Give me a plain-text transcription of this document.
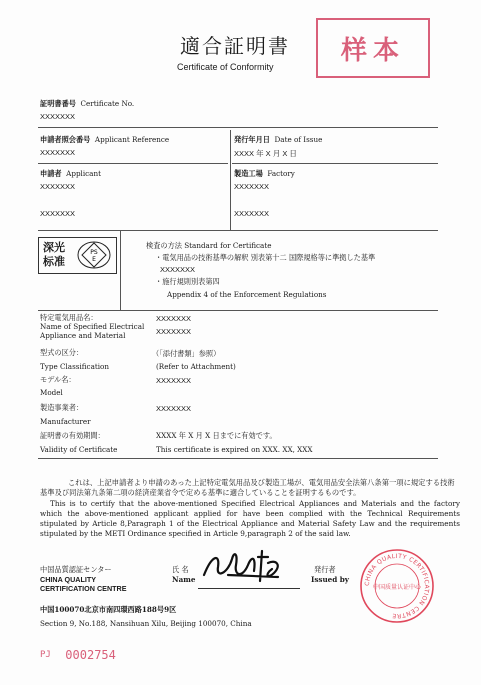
適合証明書
Certificate of Conformity
样本
証明書番号 Certificate No.
XXXXXXX
申請者照会番号 Applicant Reference
XXXXXXX
発行年月日 Date of Issue
XXXX 年 X 月 X 日
申請者 Applicant
XXXXXXX
XXXXXXX
製造工場 Factory
XXXXXXX
XXXXXXX
深光标准
PS
E
検査の方法 Standard for Certificate
・電気用品の技術基準の解釈 別表第十二 国際規格等に準拠した基準
XXXXXXX
・施行規則別表第四
Appendix 4 of the Enforcement Regulations
特定電気用品名：
Name of Specified Electrical Appliance and Material
XXXXXXX
XXXXXXX
型式の区分：
Type Classification
（「添付書類」参照）
(Refer to Attachment)
モデル名：
Model
XXXXXXX
製造事業者：
Manufacturer
XXXXXXX
証明書の有効期間：
Validity of Certificate
XXXX 年 X 月 X 日までに有効です。
This certificate is expired on XXX. XX, XXX
これは、上記申請者より申請のあった上記特定電気用品及び製造工場が、電気用品安全法第八条第一項に規定する技術基準及び同法第九条第二項の経済産業省令で定める基準に適合していることを証明するものです。
This is to certify that the above-mentioned Specified Electrical Appliances and Materials and the factory which the above-mentioned applicant applied for have been complied with the Technical Requirements stipulated by Article 8,Paragraph 1 of the Electrical Appliance and Material Safety Law and the requirements stipulated by the METI Ordinance specified in Article 9,paragraph 2 of the said law.
中国品質認証センター
CHINA QUALITY
CERTIFICATION CENTRE
氏 名
Name
発行者
Issued by CHINA QUALITY CERTIFICATION CENTRE
中国质量认证中心
中国100070北京市南四環西路188号9区
Section 9, No.188, Nansihuan Xilu, Beijing 100070, China
PJ 0002754
